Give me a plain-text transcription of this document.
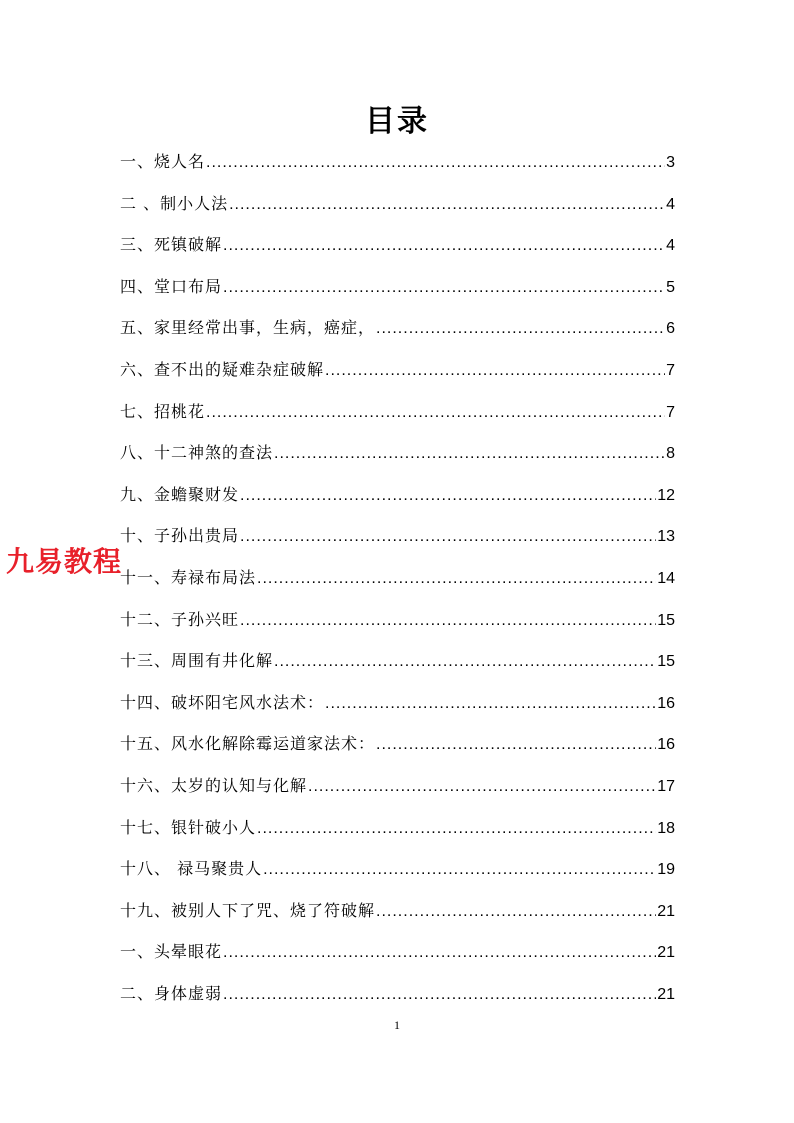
目录
一、烧人名 .....	3
二 、制小人法 .....	4
三、死镇破解 .....	4
四、堂口布局 .....	5
五、家里经常出事，生病，癌症， .....	6
六、查不出的疑难杂症破解 .....	7
七、招桃花 .....	7
八、十二神煞的查法 .....	8
九、金蟾聚财发 .....	12
十、子孙出贵局 .....	13
十一、寿禄布局法 .....	14
十二、子孙兴旺 .....	15
十三、周围有井化解 .....	15
十四、破坏阳宅风水法术： .....	16
十五、风水化解除霉运道家法术： .....	16
十六、太岁的认知与化解 .....	17
十七、银针破小人 .....	18
十八、 禄马聚贵人 .....	19
十九、被别人下了咒、烧了符破解 .....	21
一、头晕眼花 .....	21
二、身体虚弱 .....	21
九易教程
1
